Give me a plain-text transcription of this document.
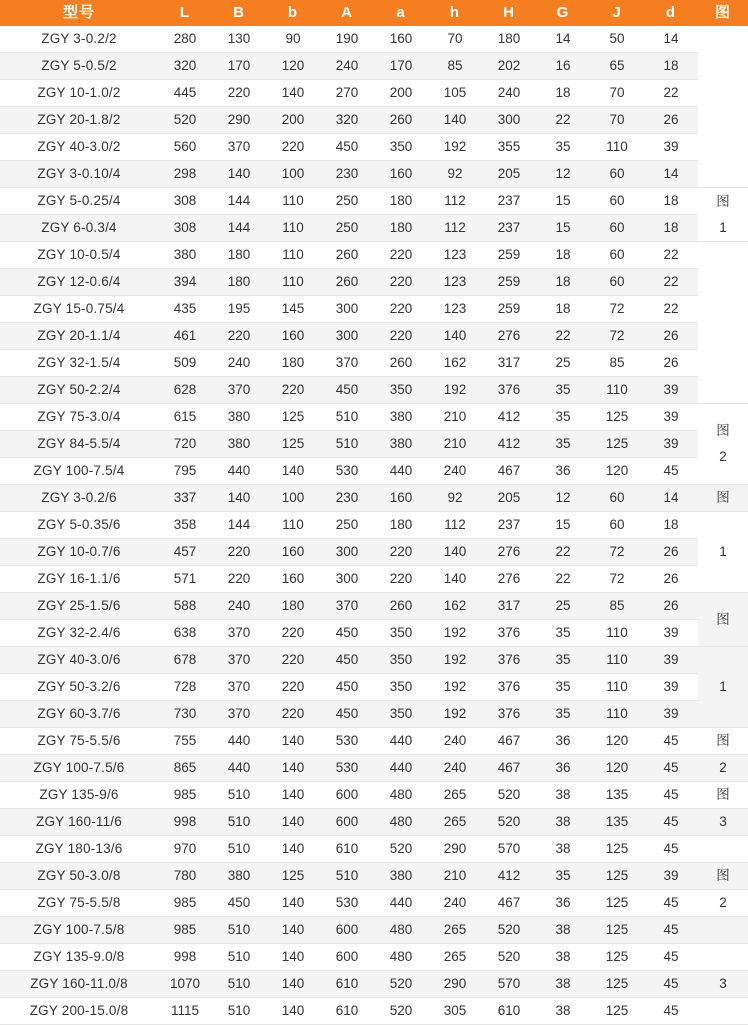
型号	L	B	b	A	a	h	H	G	J	d	图
ZGY 3-0.2/2	280	130	90	190	160	70	180	14	50	14	

ZGY 5-0.5/2	320	170	120	240	170	85	202	16	65	18	
ZGY 10-1.0/2	445	220	140	270	200	105	240	18	70	22	
ZGY 20-1.8/2	520	290	200	320	260	140	300	22	70	26	
ZGY 40-3.0/2	560	370	220	450	350	192	355	35	110	39	
ZGY 3-0.10/4	298	140	100	230	160	92	205	12	60	14	
ZGY 5-0.25/4	308	144	110	250	180	112	237	15	60	18	图
1

ZGY 6-0.3/4	308	144	110	250	180	112	237	15	60	18	
ZGY 10-0.5/4	380	180	110	260	220	123	259	18	60	22	

ZGY 12-0.6/4	394	180	110	260	220	123	259	18	60	22	
ZGY 15-0.75/4	435	195	145	300	220	123	259	18	72	22	
ZGY 20-1.1/4	461	220	160	300	220	140	276	22	72	26	
ZGY 32-1.5/4	509	240	180	370	260	162	317	25	85	26	
ZGY 50-2.2/4	628	370	220	450	350	192	376	35	110	39	
ZGY 75-3.0/4	615	380	125	510	380	210	412	35	125	39	图
2

ZGY 84-5.5/4	720	380	125	510	380	210	412	35	125	39	
ZGY 100-7.5/4	795	440	140	530	440	240	467	36	120	45	
ZGY 3-0.2/6	337	140	100	230	160	92	205	12	60	14	图

ZGY 5-0.35/6	358	144	110	250	180	112	237	15	60	18	1

ZGY 10-0.7/6	457	220	160	300	220	140	276	22	72	26	
ZGY 16-1.1/6	571	220	160	300	220	140	276	22	72	26	
ZGY 25-1.5/6	588	240	180	370	260	162	317	25	85	26	图

ZGY 32-2.4/6	638	370	220	450	350	192	376	35	110	39	
ZGY 40-3.0/6	678	370	220	450	350	192	376	35	110	39	1

ZGY 50-3.2/6	728	370	220	450	350	192	376	35	110	39	
ZGY 60-3.7/6	730	370	220	450	350	192	376	35	110	39	
ZGY 75-5.5/6	755	440	140	530	440	240	467	36	120	45	图

ZGY 100-7.5/6	865	440	140	530	440	240	467	36	120	45	2

ZGY 135-9/6	985	510	140	600	480	265	520	38	135	45	图

ZGY 160-11/6	998	510	140	600	480	265	520	38	135	45	3

ZGY 180-13/6	970	510	140	610	520	290	570	38	125	45	

ZGY 50-3.0/8	780	380	125	510	380	210	412	35	125	39	图

ZGY 75-5.5/8	985	450	140	530	440	240	467	36	125	45	2

ZGY 100-7.5/8	985	510	140	600	480	265	520	38	125	45	

ZGY 135-9.0/8	998	510	140	600	480	265	520	38	125	45	

ZGY 160-11.0/8	1070	510	140	610	520	290	570	38	125	45	3

ZGY 200-15.0/8	1115	510	140	610	520	305	610	38	125	45	
